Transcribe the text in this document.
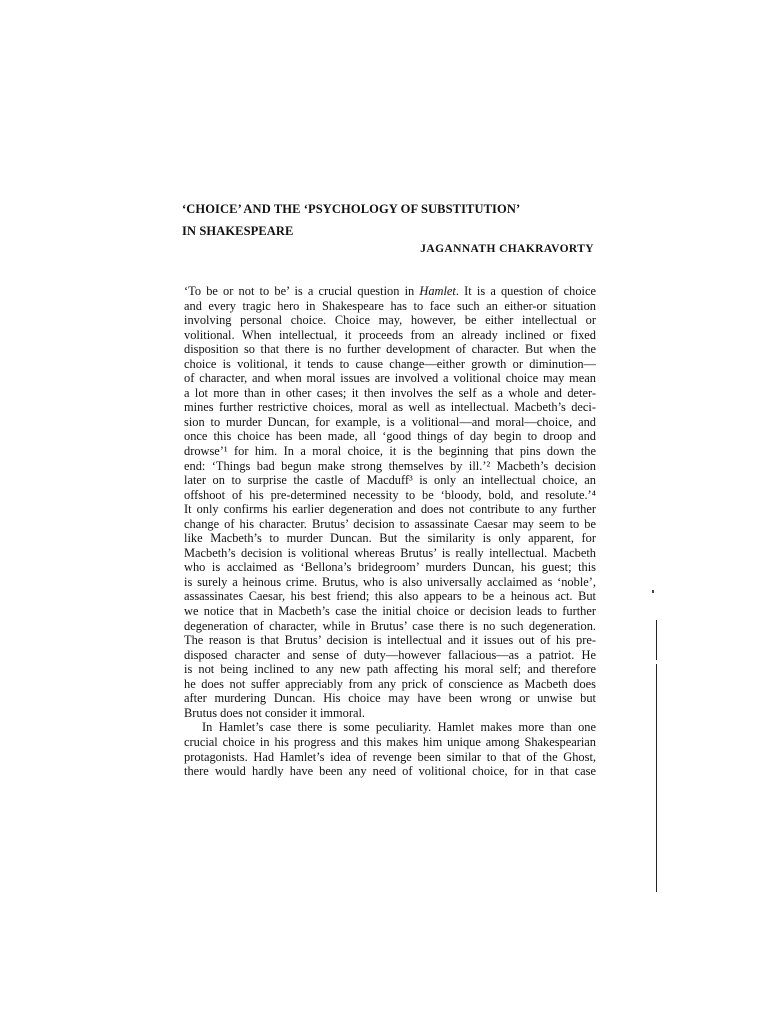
‘CHOICE’ AND THE ‘PSYCHOLOGY OF SUBSTITUTION’
IN SHAKESPEARE

JAGANNATH CHAKRAVORTY

‘To be or not to be’ is a crucial question in Hamlet. It is a question of choice
and every tragic hero in Shakespeare has to face such an either-or situation
involving personal choice. Choice may, however, be either intellectual or
volitional. When intellectual, it proceeds from an already inclined or fixed
disposition so that there is no further development of character. But when the
choice is volitional, it tends to cause change—either growth or diminution—
of character, and when moral issues are involved a volitional choice may mean
a lot more than in other cases; it then involves the self as a whole and deter-
mines further restrictive choices, moral as well as intellectual. Macbeth’s deci-
sion to murder Duncan, for example, is a volitional—and moral—choice, and
once this choice has been made, all ‘good things of day begin to droop and
drowse’¹ for him. In a moral choice, it is the beginning that pins down the
end: ‘Things bad begun make strong themselves by ill.’² Macbeth’s decision
later on to surprise the castle of Macduff³ is only an intellectual choice, an
offshoot of his pre-determined necessity to be ‘bloody, bold, and resolute.’⁴
It only confirms his earlier degeneration and does not contribute to any further
change of his character. Brutus’ decision to assassinate Caesar may seem to be
like Macbeth’s to murder Duncan. But the similarity is only apparent, for
Macbeth’s decision is volitional whereas Brutus’ is really intellectual. Macbeth
who is acclaimed as ‘Bellona’s bridegroom’ murders Duncan, his guest; this
is surely a heinous crime. Brutus, who is also universally acclaimed as ‘noble’,
assassinates Caesar, his best friend; this also appears to be a heinous act. But
we notice that in Macbeth’s case the initial choice or decision leads to further
degeneration of character, while in Brutus’ case there is no such degeneration.
The reason is that Brutus’ decision is intellectual and it issues out of his pre-
disposed character and sense of duty—however fallacious—as a patriot. He
is not being inclined to any new path affecting his moral self; and therefore
he does not suffer appreciably from any prick of conscience as Macbeth does
after murdering Duncan. His choice may have been wrong or unwise but
Brutus does not consider it immoral.
In Hamlet’s case there is some peculiarity. Hamlet makes more than one
crucial choice in his progress and this makes him unique among Shakespearian
protagonists. Had Hamlet’s idea of revenge been similar to that of the Ghost,
there would hardly have been any need of volitional choice, for in that case
